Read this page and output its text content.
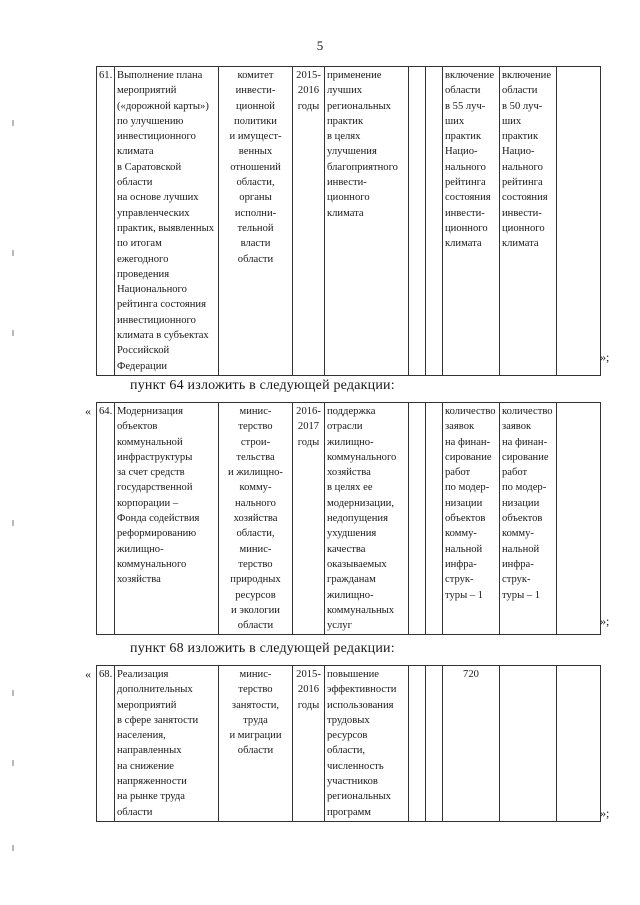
5
61.	Выполнение плана
мероприятий
(«дорожной карты»)
по улучшению
инвестиционного
климата
в Саратовской
области
на основе лучших
управленческих
практик, выявленных
по итогам
ежегодного
проведения
Национального
рейтинга состояния
инвестиционного
климата в субъектах
Российской
Федерации	комитет
инвести-
ционной
политики
и имущест-
венных
отношений
области,
органы
исполни-
тельной
власти
области	2015-
2016
годы	применение
лучших
региональных
практик
в целях
улучшения
благоприятного
инвести-
ционного
климата			включение
области
в 55 луч-
ших
практик
Нацио-
нального
рейтинга
состояния
инвести-
ционного
климата	включение
области
в 50 луч-
ших
практик
Нацио-
нального
рейтинга
состояния
инвести-
ционного
климата	
»;
пункт 64 изложить в следующей редакции:
« 64.	Модернизация
объектов
коммунальной
инфраструктуры
за счет средств
государственной
корпорации –
Фонда содействия
реформированию
жилищно-
коммунального
хозяйства	минис-
терство
строи-
тельства
и жилищно-
комму-
нального
хозяйства
области,
минис-
терство
природных
ресурсов
и экологии
области	2016-
2017
годы	поддержка
отрасли
жилищно-
коммунального
хозяйства
в целях ее
модернизации,
недопущения
ухудшения
качества
оказываемых
гражданам
жилищно-
коммунальных
услуг			количество
заявок
на финан-
сирование
работ
по модер-
низации
объектов
комму-
нальной
инфра-
струк-
туры – 1	количество
заявок
на финан-
сирование
работ
по модер-
низации
объектов
комму-
нальной
инфра-
струк-
туры – 1	
»;
пункт 68 изложить в следующей редакции:
« 68.	Реализация
дополнительных
мероприятий
в сфере занятости
населения,
направленных
на снижение
напряженности
на рынке труда
области	минис-
терство
занятости,
труда
и миграции
области	2015-
2016
годы	повышение
эффективности
использования
трудовых
ресурсов
области,
численность
участников
региональных
программ			720		
»;
